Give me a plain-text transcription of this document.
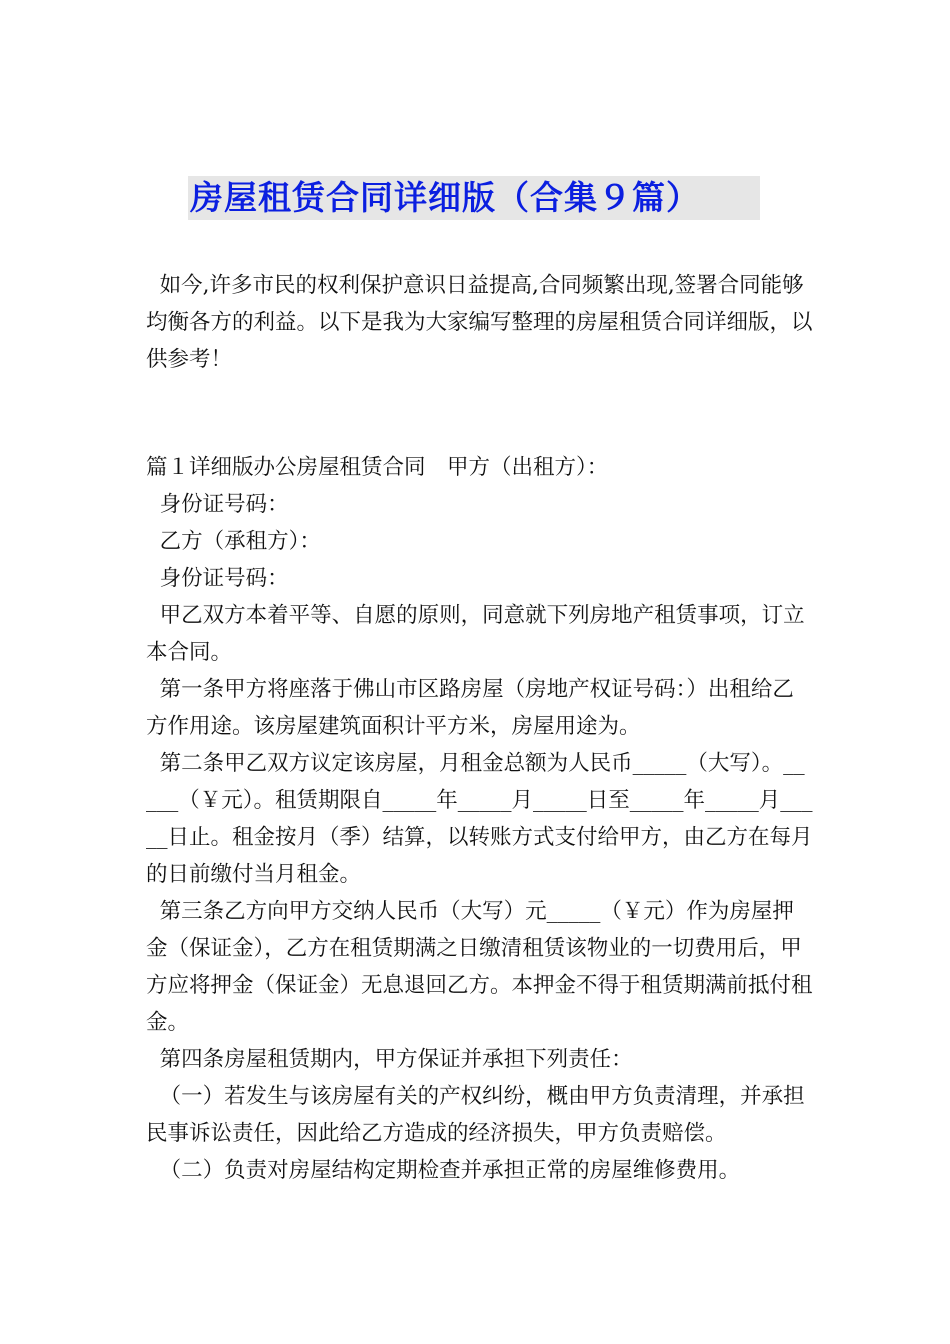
房屋租赁合同详细版（合集９篇）

如今,许多市民的权利保护意识日益提高,合同频繁出现,签署合同能够均衡各方的利益。以下是我为大家编写整理的房屋租赁合同详细版，以供参考！

篇１详细版办公房屋租赁合同　甲方（出租方）：

身份证号码：

乙方（承租方）：

身份证号码：

甲乙双方本着平等、自愿的原则，同意就下列房地产租赁事项，订立本合同。

第一条甲方将座落于佛山市区路房屋（房地产权证号码：）出租给乙方作用途。该房屋建筑面积计平方米，房屋用途为。

第二条甲乙双方议定该房屋，月租金总额为人民币_____（大写）。_____（￥元）。租赁期限自_____年_____月_____日至_____年_____月_____日止。租金按月（季）结算，以转账方式支付给甲方，由乙方在每月的日前缴付当月租金。

第三条乙方向甲方交纳人民币（大写）元_____（￥元）作为房屋押金（保证金），乙方在租赁期满之日缴清租赁该物业的一切费用后，甲方应将押金（保证金）无息退回乙方。本押金不得于租赁期满前抵付租金。

第四条房屋租赁期内，甲方保证并承担下列责任：

（一）若发生与该房屋有关的产权纠纷，概由甲方负责清理，并承担民事诉讼责任，因此给乙方造成的经济损失，甲方负责赔偿。

（二）负责对房屋结构定期检查并承担正常的房屋维修费用。
